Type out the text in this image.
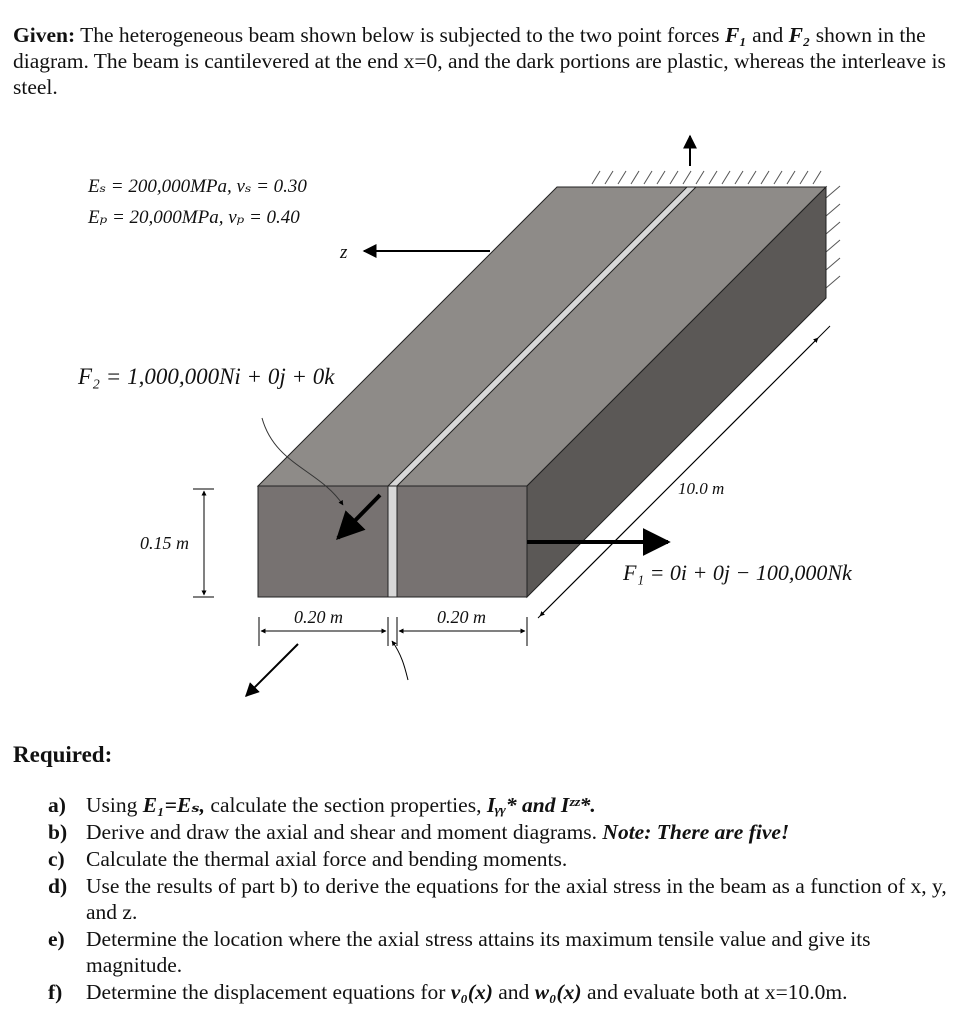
Given: The heterogeneous beam shown below is subjected to the two point forces F₁ and F₂ shown in the diagram. The beam is cantilevered at the end x=0, and the dark portions are plastic, whereas the interleave is steel.
Eₛ = 200,000MPa, νₛ = 0.30
Eₚ = 20,000MPa, νₚ = 0.40
z
F₂ = 1,000,000Ni + 0j + 0k
0.15 m
10.0 m
F₁ = 0i + 0j − 100,000Nk
0.20 m	0.20 m
Required:
a) Using E₁=Eₛ, calculate the section properties, Iᵧᵧ* and Iᶻᶻ*.
b) Derive and draw the axial and shear and moment diagrams. Note: There are five!
c) Calculate the thermal axial force and bending moments.
d) Use the results of part b) to derive the equations for the axial stress in the beam as a function of x, y, and z.
e) Determine the location where the axial stress attains its maximum tensile value and give its magnitude.
f) Determine the displacement equations for v₀(x) and w₀(x) and evaluate both at x=10.0m.
